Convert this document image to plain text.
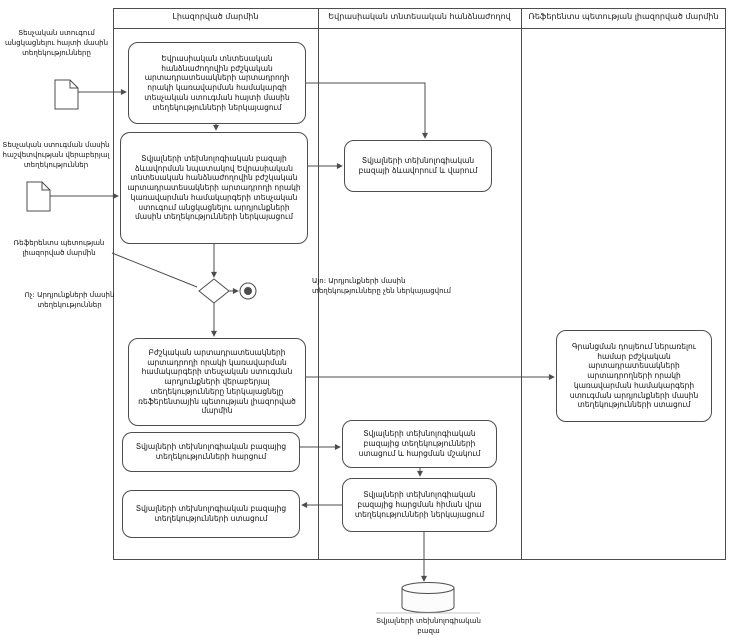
Լիազորված մարմին	Եվրասիական տնտեսական հանձնաժողով	Ռեֆերենտս պետության լիազորված մարմին
Տեսչական ստուգում անցկացնելու հայտի մասին տեղեկությունները
Տեսչական ստուգման մասին հաշվետվության վերաբերյալ տեղեկություններ
Ռեֆերենտս պետության լիազորված մարմին
Ոչ: Արդյունքների մասին տեղեկություններ
Այո: Արդյունքների մասին տեղեկությունները չեն ներկայացվում
Եվրասիական տնտեսական հանձնաժողովին բժշկական արտադրատեսակների արտադրողի որակի կառավարման համակարգի տեսչական ստուգման հայտի մասին տեղեկությունների ներկայացում
Տվյալների տեխնոլոգիական բազայի ձևավորման նպատակով Եվրասիական տնտեսական հանձնաժողովին բժշկական արտադրատեսակների արտադրողի որակի կառավարման համակարգերի տեսչական ստուգում անցկացնելու արդյունքների մասին տեղեկությունների ներկայացում
Բժշկական արտադրատեսակների արտադրողի որակի կառավարման համակարգերի տեսչական ստուգման արդյունքների վերաբերյալ տեղեկությունները ներկայացնելը ռեֆերենտային պետության լիազորված մարմին
Տվյալների տեխնոլոգիական բազայից տեղեկությունների հարցում
Տվյալների տեխնոլոգիական բազայից տեղեկությունների ստացում
Տվյալների տեխնոլոգիական բազայի ձևավորում և վարում
Տվյալների տեխնոլոգիական բազայից տեղեկությունների ստացում և հարցման մշակում
Տվյալների տեխնոլոգիական բազայից հարցման հիման վրա տեղեկությունների ներկայացում
Գրանցման դոսյեում ներառելու համար բժշկական արտադրատեսակների արտադրողների որակի կառավարման համակարգերի ստուգման արդյունքների մասին տեղեկությունների ստացում
Տվյալների տեխնոլոգիական բազա
